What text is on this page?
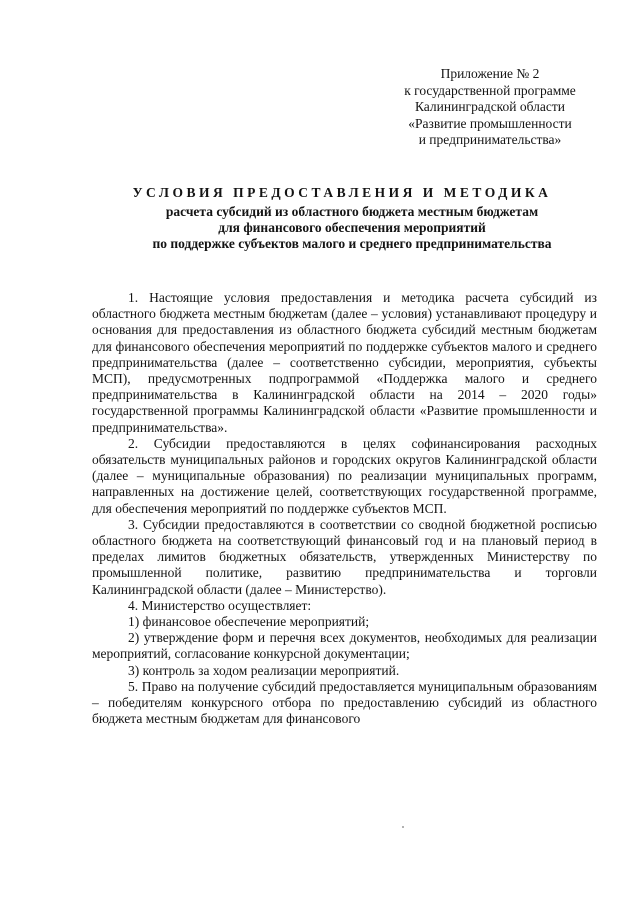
Приложение № 2
к государственной программе
Калининградской области
«Развитие промышленности
и предпринимательства»
УСЛОВИЯ ПРЕДОСТАВЛЕНИЯ И МЕТОДИКА
расчета субсидий из областного бюджета местным бюджетам
для финансового обеспечения мероприятий
по поддержке субъектов малого и среднего предпринимательства

1. Настоящие условия предоставления и методика расчета субсидий из областного бюджета местным бюджетам (далее – условия) устанавливают процедуру и основания для предоставления из областного бюджета субсидий местным бюджетам для финансового обеспечения мероприятий по поддержке субъектов малого и среднего предпринимательства (далее – соответственно субсидии, мероприятия, субъекты МСП), предусмотренных подпрограммой «Поддержка малого и среднего предпринимательства в Калининградской области на 2014 – 2020 годы» государственной программы Калининградской области «Развитие промышленности и предпринимательства».

2. Субсидии предоставляются в целях софинансирования расходных обязательств муниципальных районов и городских округов Калининградской области (далее – муниципальные образования) по реализации муниципальных программ, направленных на достижение целей, соответствующих государственной программе, для обеспечения мероприятий по поддержке субъектов МСП.

3. Субсидии предоставляются в соответствии со сводной бюджетной росписью областного бюджета на соответствующий финансовый год и на плановый период в пределах лимитов бюджетных обязательств, утвержденных Министерству по промышленной политике, развитию предпринимательства и торговли Калининградской области (далее – Министерство).

4. Министерство осуществляет:

1) финансовое обеспечение мероприятий;

2) утверждение форм и перечня всех документов, необходимых для реализации мероприятий, согласование конкурсной документации;

3) контроль за ходом реализации мероприятий.

5. Право на получение субсидий предоставляется муниципальным образованиям – победителям конкурсного отбора по предоставлению субсидий из областного бюджета местным бюджетам для финансового
